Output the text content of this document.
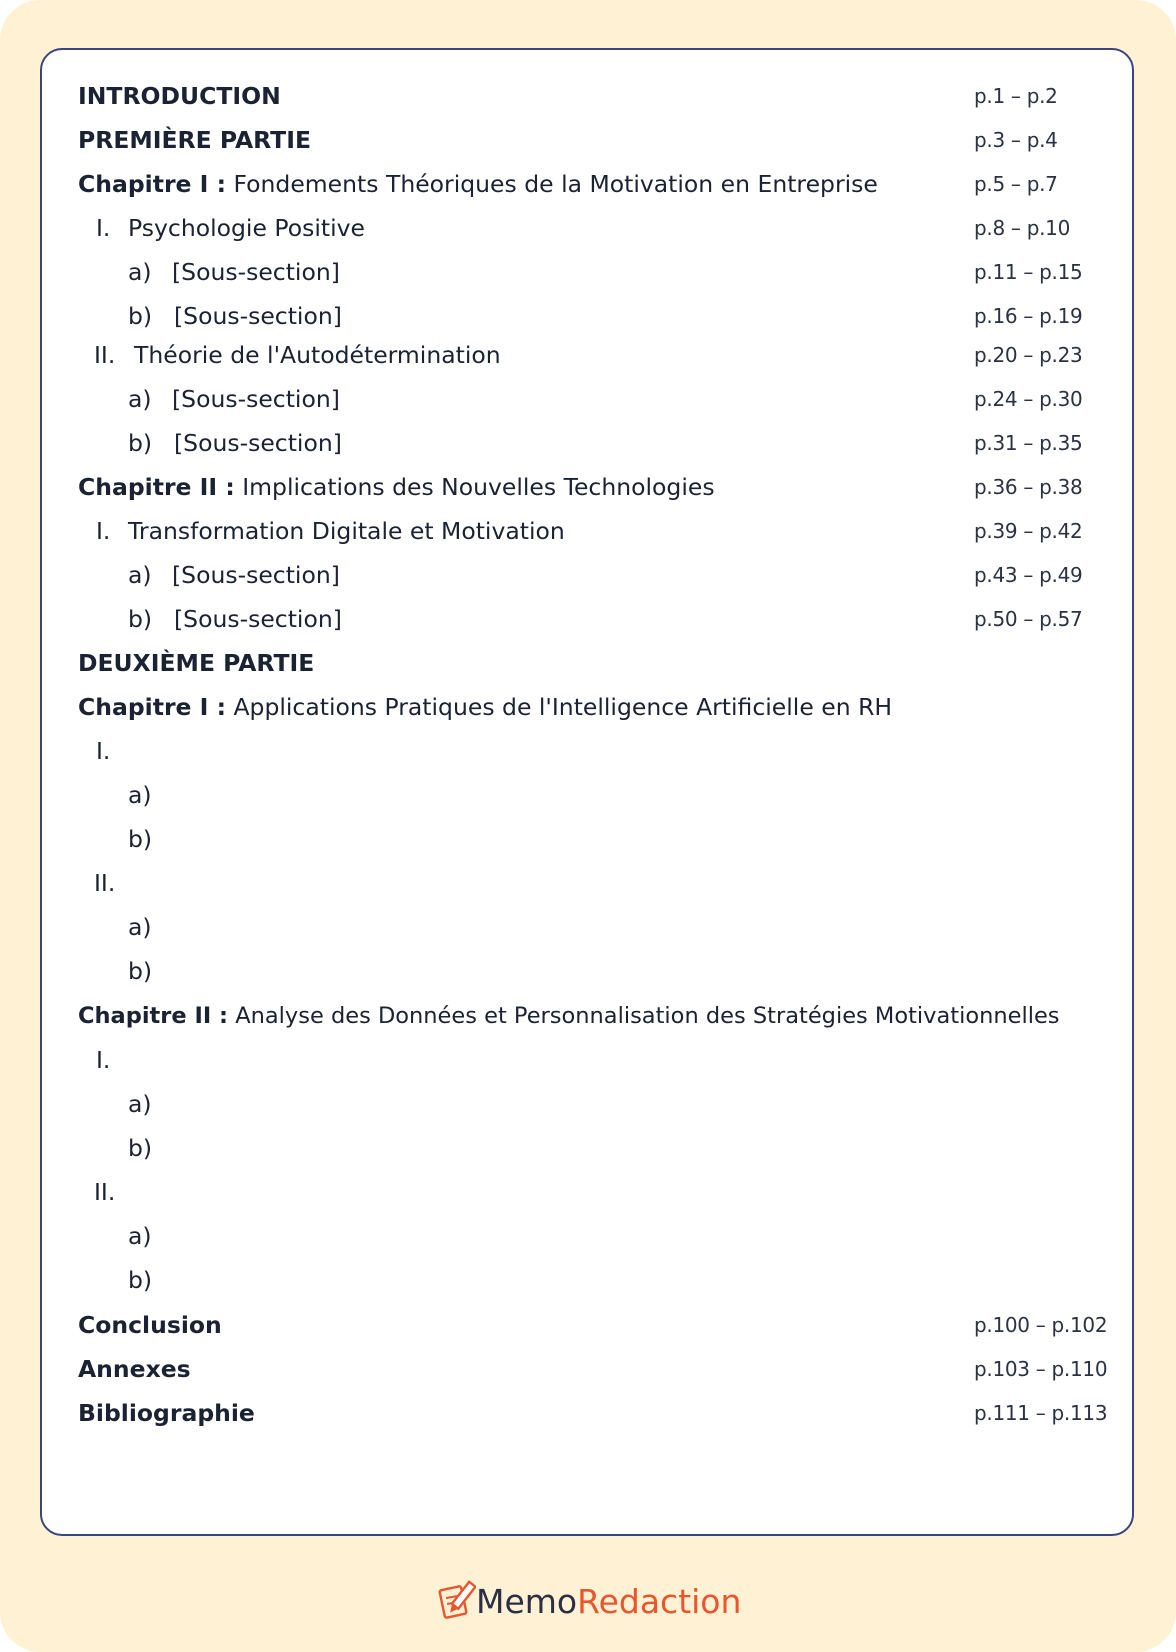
INTRODUCTION	p.1 – p.2
PREMIÈRE PARTIE	p.3 – p.4
Chapitre I : Fondements Théoriques de la Motivation en Entreprise	p.5 – p.7
I. Psychologie Positive	p.8 – p.10
a) [Sous-section]	p.11 – p.15
b) [Sous-section]	p.16 – p.19
II. Théorie de l'Autodétermination	p.20 – p.23
a) [Sous-section]	p.24 – p.30
b) [Sous-section]	p.31 – p.35
Chapitre II : Implications des Nouvelles Technologies	p.36 – p.38
I. Transformation Digitale et Motivation	p.39 – p.42
a) [Sous-section]	p.43 – p.49
b) [Sous-section]	p.50 – p.57
DEUXIÈME PARTIE
Chapitre I : Applications Pratiques de l'Intelligence Artificielle en RH
I.
a)
b)
II.
a)
b)
Chapitre II : Analyse des Données et Personnalisation des Stratégies Motivationnelles
I.
a)
b)
II.
a)
b)
Conclusion	p.100 – p.102
Annexes	p.103 – p.110
Bibliographie	p.111 – p.113
MemoRedaction
